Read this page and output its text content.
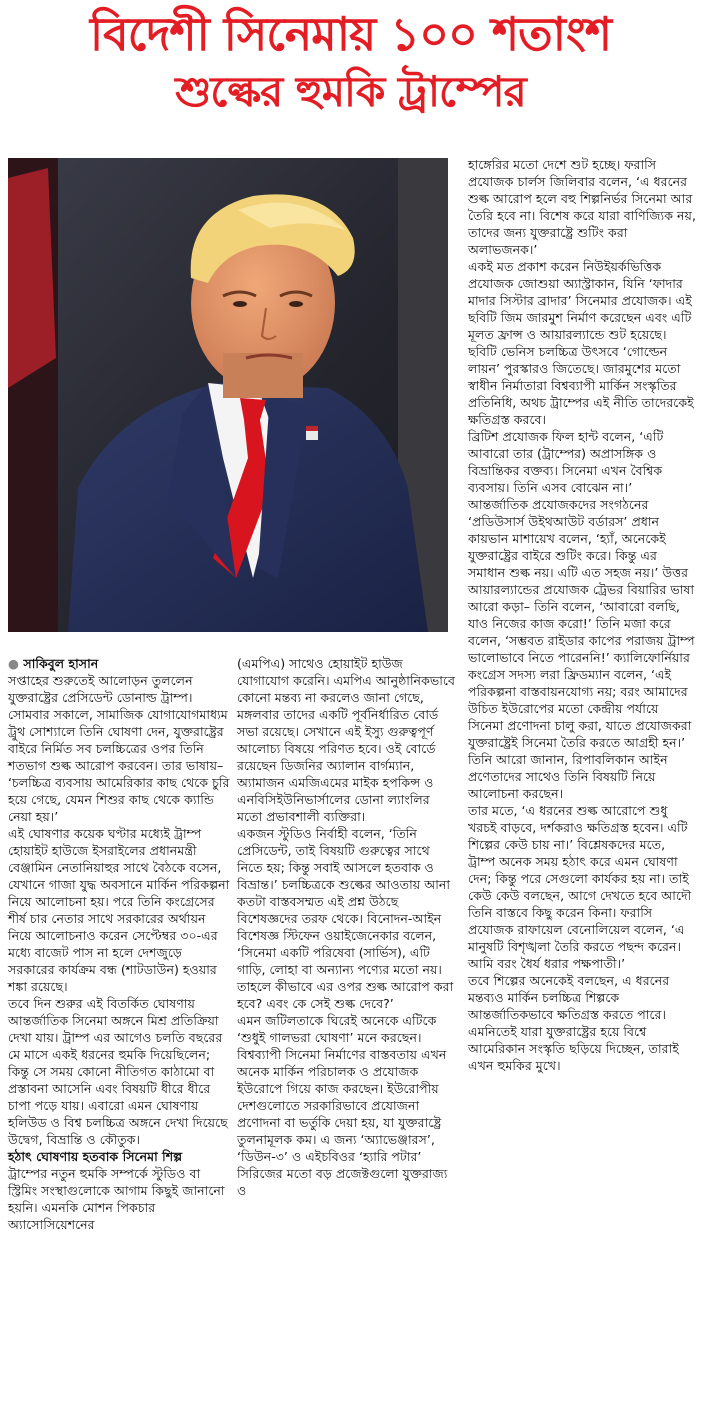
বিদেশী সিনেমায় ১০০ শতাংশ
শুল্কের হুমকি ট্রাম্পের

● সাকিবুল হাসান

সপ্তাহের শুরুতেই আলোড়ন তুললেন যুক্তরাষ্ট্রের প্রেসিডেন্ট ডোনাল্ড ট্রাম্প। সোমবার সকালে, সামাজিক যোগাযোগমাধ্যম ট্রুথ সোশ্যালে তিনি ঘোষণা দেন, যুক্তরাষ্ট্রের বাইরে নির্মিত সব চলচ্চিত্রের ওপর তিনি শতভাগ শুল্ক আরোপ করবেন। তার ভাষায়– ‘চলচ্চিত্র ব্যবসায় আমেরিকার কাছ থেকে চুরি হয়ে গেছে, যেমন শিশুর কাছ থেকে ক্যান্ডি নেয়া হয়।’

এই ঘোষণার কয়েক ঘণ্টার মধ্যেই ট্রাম্প হোয়াইট হাউজে ইসরাইলের প্রধানমন্ত্রী বেঞ্জামিন নেতানিয়াহুর সাথে বৈঠকে বসেন, যেখানে গাজা যুদ্ধ অবসানে মার্কিন পরিকল্পনা নিয়ে আলোচনা হয়। পরে তিনি কংগ্রেসের শীর্ষ চার নেতার সাথে সরকারের অর্থায়ন নিয়ে আলোচনাও করেন সেপ্টেম্বর ৩০-এর মধ্যে বাজেট পাস না হলে দেশজুড়ে সরকারের কার্যক্রম বন্ধ (শাটডাউন) হওয়ার শঙ্কা রয়েছে।

তবে দিন শুরুর এই বিতর্কিত ঘোষণায় আন্তর্জাতিক সিনেমা অঙ্গনে মিশ্র প্রতিক্রিয়া দেখা যায়। ট্রাম্প এর আগেও চলতি বছরের মে মাসে একই ধরনের হুমকি দিয়েছিলেন; কিন্তু সে সময় কোনো নীতিগত কাঠামো বা প্রস্তাবনা আসেনি এবং বিষয়টি ধীরে ধীরে চাপা পড়ে যায়। এবারো এমন ঘোষণায় হলিউড ও বিশ্ব চলচ্চিত্র অঙ্গনে দেখা দিয়েছে উদ্বেগ, বিভ্রান্তি ও কৌতুক।

হঠাৎ ঘোষণায় হতবাক সিনেমা শিল্প

ট্রাম্পের নতুন হুমকি সম্পর্কে স্টুডিও বা স্ট্রিমিং সংস্থাগুলোকে আগাম কিছুই জানানো হয়নি। এমনকি মোশন পিকচার অ্যাসোসিয়েশনের

(এমপিএ) সাথেও হোয়াইট হাউজ যোগাযোগ করেনি। এমপিএ আনুষ্ঠানিকভাবে কোনো মন্তব্য না করলেও জানা গেছে, মঙ্গলবার তাদের একটি পূর্বনির্ধারিত বোর্ড সভা রয়েছে। সেখানে এই ইস্যু গুরুত্বপূর্ণ আলোচ্য বিষয়ে পরিণত হবে। ওই বোর্ডে রয়েছেন ডিজনির অ্যালান বার্গম্যান, অ্যামাজন এমজিএমের মাইক হপকিন্স ও এনবিসিইউনিভার্সালের ডোনা ল্যাংলির মতো প্রভাবশালী ব্যক্তিরা।

একজন স্টুডিও নির্বাহী বলেন, ‘তিনি প্রেসিডেন্ট, তাই বিষয়টি গুরুত্বের সাথে নিতে হয়; কিন্তু সবাই আসলে হতবাক ও বিভ্রান্ত।’ চলচ্চিত্রকে শুল্কের আওতায় আনা কতটা বাস্তবসম্মত এই প্রশ্ন উঠছে বিশেষজ্ঞদের তরফ থেকে। বিনোদন-আইন বিশেষজ্ঞ স্টিফেন ওয়াইজেনেকার বলেন, ‘সিনেমা একটি পরিষেবা (সার্ভিস), এটি গাড়ি, লোহা বা অন্যান্য পণ্যের মতো নয়। তাহলে কীভাবে এর ওপর শুল্ক আরোপ করা হবে? এবং কে সেই শুল্ক দেবে?’

এমন জটিলতাকে ঘিরেই অনেকে এটিকে ‘শুধুই গালভরা ঘোষণা’ মনে করছেন।

বিশ্বব্যাপী সিনেমা নির্মাণের বাস্তবতায় এখন অনেক মার্কিন পরিচালক ও প্রযোজক ইউরোপে গিয়ে কাজ করছেন। ইউরোপীয় দেশগুলোতে সরকারিভাবে প্রযোজনা প্রণোদনা বা ভর্তুকি দেয়া হয়, যা যুক্তরাষ্ট্রে তুলনামূলক কম। এ জন্য ‘অ্যাভেঞ্জারস’, ‘ডিউন-৩’ ও এইচবিওর ‘হ্যারি পটার’ সিরিজের মতো বড় প্রজেক্টগুলো যুক্তরাজ্য ও

হাঙ্গেরির মতো দেশে শুট হচ্ছে। ফরাসি প্রযোজক চার্লস জিলিবার বলেন, ‘এ ধরনের শুল্ক আরোপ হলে বহু শিল্পনির্ভর সিনেমা আর তৈরি হবে না। বিশেষ করে যারা বাণিজ্যিক নয়, তাদের জন্য যুক্তরাষ্ট্রে শুটিং করা অলাভজনক।’

একই মত প্রকাশ করেন নিউইয়র্কভিত্তিক প্রযোজক জোশুয়া অ্যাস্ট্রাকান, যিনি ‘ফাদার মাদার সিস্টার ব্রাদার’ সিনেমার প্রযোজক। এই ছবিটি জিম জারমুশ নির্মাণ করেছেন এবং এটি মূলত ফ্রান্স ও আয়ারল্যান্ডে শুট হয়েছে। ছবিটি ভেনিস চলচ্চিত্র উৎসবে ‘গোল্ডেন লায়ন’ পুরস্কারও জিতেছে। জারমুশের মতো স্বাধীন নির্মাতারা বিশ্বব্যাপী মার্কিন সংস্কৃতির প্রতিনিধি, অথচ ট্রাম্পের এই নীতি তাদেরকেই ক্ষতিগ্রস্ত করবে।

ব্রিটিশ প্রযোজক ফিল হান্ট বলেন, ‘এটি আবারো তার (ট্রাম্পের) অপ্রাসঙ্গিক ও বিভ্রান্তিকর বক্তব্য। সিনেমা এখন বৈশ্বিক ব্যবসায়। তিনি এসব বোঝেন না।’

আন্তর্জাতিক প্রযোজকদের সংগঠনের ‘প্রডিউসার্স উইথআউট বর্ডারস’ প্রধান কায়ভান মাশায়েখ বলেন, ‘হ্যাঁ, অনেকেই যুক্তরাষ্ট্রের বাইরে শুটিং করে। কিন্তু এর সমাধান শুল্ক নয়। এটি এত সহজ নয়।’ উত্তর আয়ারল্যান্ডের প্রযোজক ট্রেভর বিয়ারির ভাষা আরো কড়া– তিনি বলেন, ‘আবারো বলছি, যাও নিজের কাজ করো!’ তিনি মজা করে বলেন, ‘সম্ভবত রাইডার কাপের পরাজয় ট্রাম্প ভালোভাবে নিতে পারেননি!’ ক্যালিফোর্নিয়ার কংগ্রেস সদস্য লরা ফ্রিডম্যান বলেন, ‘এই পরিকল্পনা বাস্তবায়নযোগ্য নয়; বরং আমাদের উচিত ইউরোপের মতো কেন্দ্রীয় পর্যায়ে সিনেমা প্রণোদনা চালু করা, যাতে প্রযোজকরা যুক্তরাষ্ট্রেই সিনেমা তৈরি করতে আগ্রহী হন।’ তিনি আরো জানান, রিপাবলিকান আইন প্রণেতাদের সাথেও তিনি বিষয়টি নিয়ে আলোচনা করছেন।

তার মতে, ‘এ ধরনের শুল্ক আরোপে শুধু খরচই বাড়বে, দর্শকরাও ক্ষতিগ্রস্ত হবেন। এটি শিল্পের কেউ চায় না।’ বিশ্লেষকদের মতে, ট্রাম্প অনেক সময় হঠাৎ করে এমন ঘোষণা দেন; কিন্তু পরে সেগুলো কার্যকর হয় না। তাই কেউ কেউ বলছেন, আগে দেখতে হবে আদৌ তিনি বাস্তবে কিছু করেন কিনা। ফরাসি প্রযোজক রাফায়েল বেনোলিয়েল বলেন, ‘এ মানুষটি বিশৃঙ্খলা তৈরি করতে পছন্দ করেন। আমি বরং ধৈর্য ধরার পক্ষপাতী।’

তবে শিল্পের অনেকেই বলছেন, এ ধরনের মন্তব্যও মার্কিন চলচ্চিত্র শিল্পকে আন্তর্জাতিকভাবে ক্ষতিগ্রস্ত করতে পারে। এমনিতেই যারা যুক্তরাষ্ট্রের হয়ে বিশ্বে আমেরিকান সংস্কৃতি ছড়িয়ে দিচ্ছেন, তারাই এখন হুমকির মুখে।
